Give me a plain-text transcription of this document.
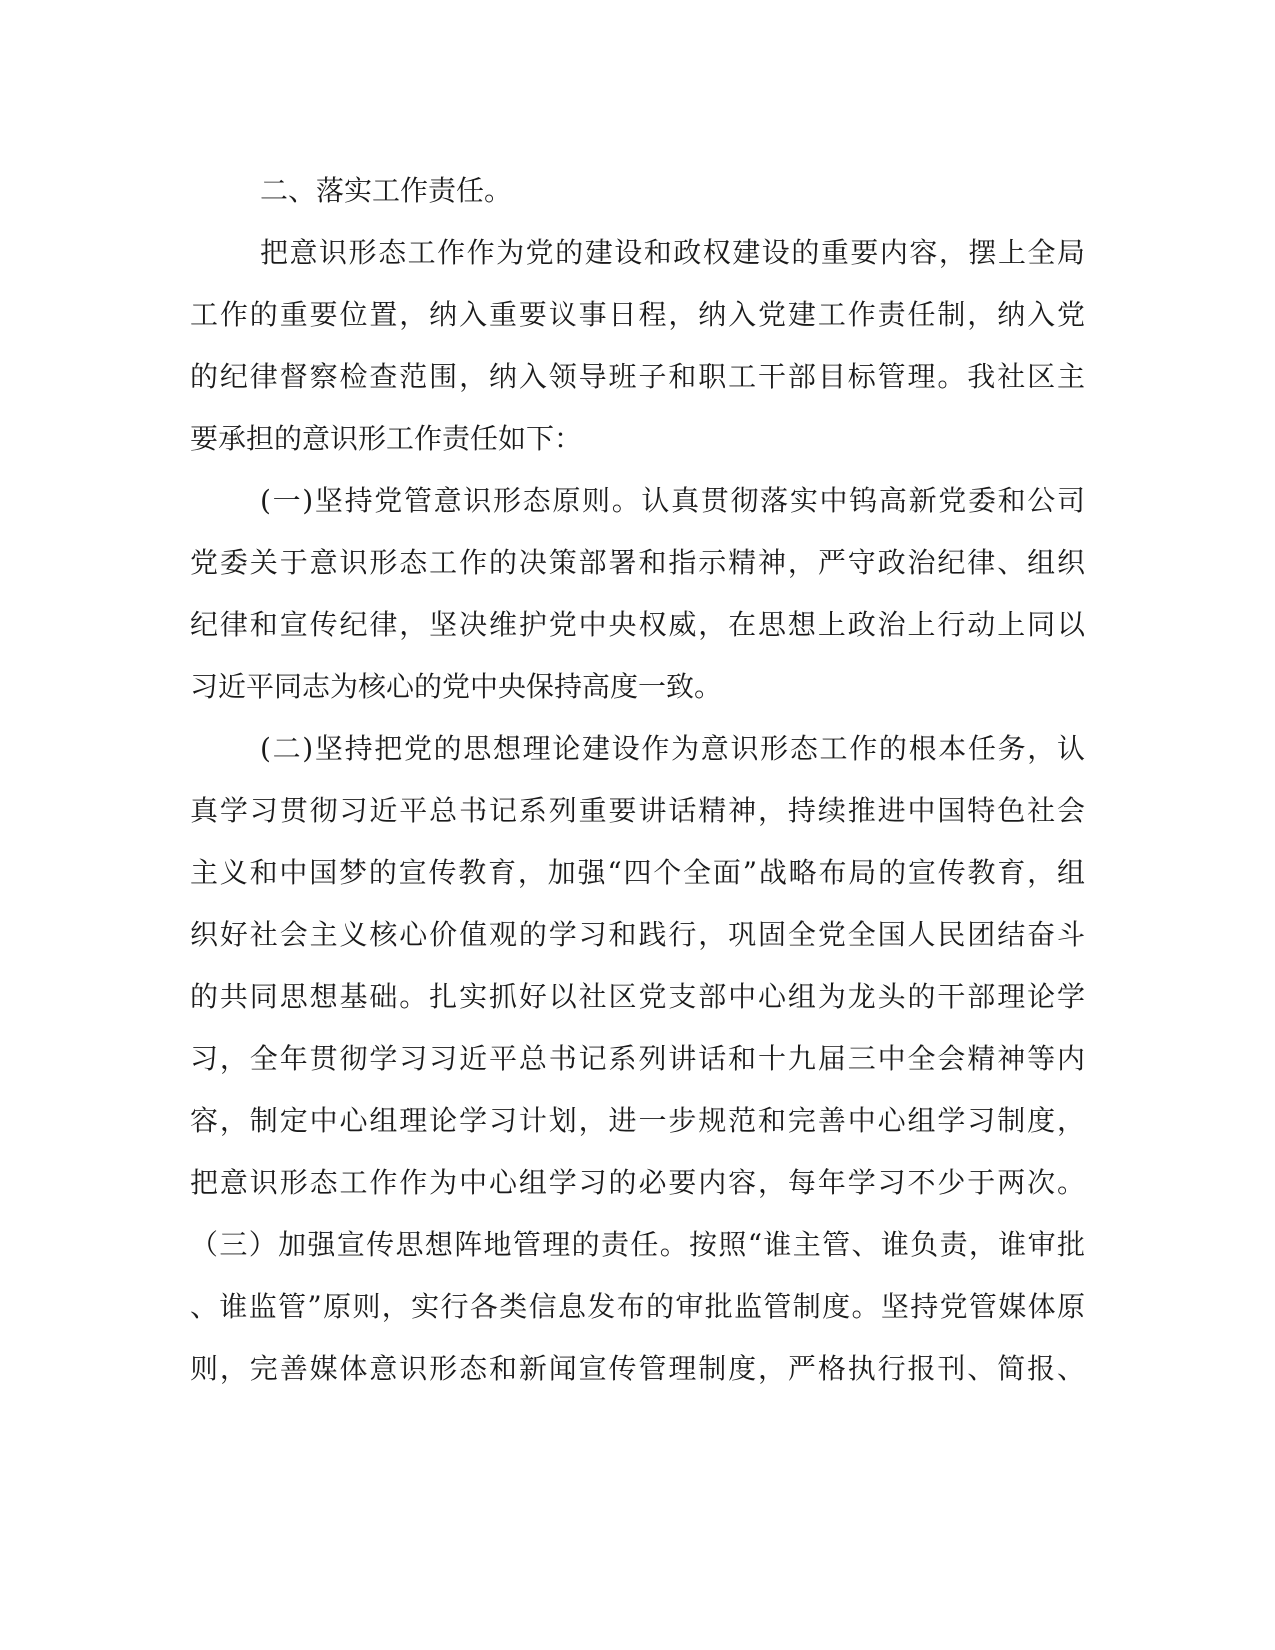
二、落实工作责任。
把意识形态工作作为党的建设和政权建设的重要内容，摆上全局
工作的重要位置，纳入重要议事日程，纳入党建工作责任制，纳入党
的纪律督察检查范围，纳入领导班子和职工干部目标管理。我社区主
要承担的意识形工作责任如下：
(一)坚持党管意识形态原则。认真贯彻落实中钨高新党委和公司
党委关于意识形态工作的决策部署和指示精神，严守政治纪律、组织
纪律和宣传纪律，坚决维护党中央权威，在思想上政治上行动上同以
习近平同志为核心的党中央保持高度一致。
(二)坚持把党的思想理论建设作为意识形态工作的根本任务，认
真学习贯彻习近平总书记系列重要讲话精神，持续推进中国特色社会
主义和中国梦的宣传教育，加强“四个全面”战略布局的宣传教育，组
织好社会主义核心价值观的学习和践行，巩固全党全国人民团结奋斗
的共同思想基础。扎实抓好以社区党支部中心组为龙头的干部理论学
习，全年贯彻学习习近平总书记系列讲话和十九届三中全会精神等内
容，制定中心组理论学习计划，进一步规范和完善中心组学习制度，
把意识形态工作作为中心组学习的必要内容，每年学习不少于两次。
（三）加强宣传思想阵地管理的责任。按照“谁主管、谁负责，谁审批
、谁监管”原则，实行各类信息发布的审批监管制度。坚持党管媒体原
则，完善媒体意识形态和新闻宣传管理制度，严格执行报刊、简报、
